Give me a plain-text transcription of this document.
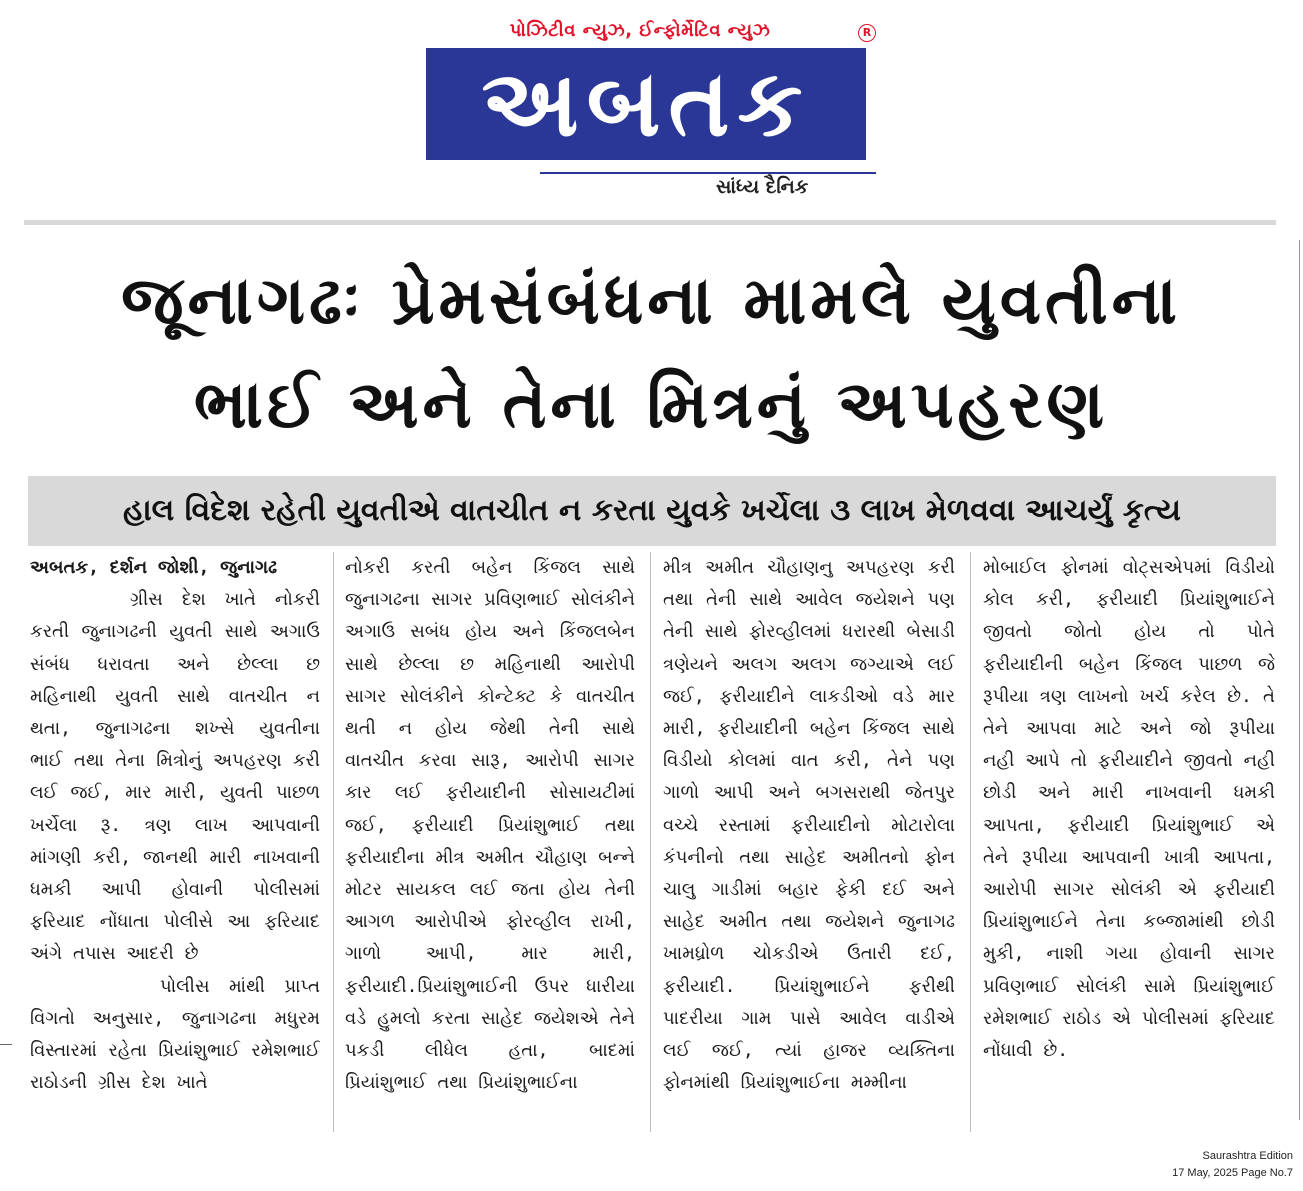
પોઝિટીવ ન્યુઝ, ઈન્ફોર્મેટિવ ન્યુઝ	R
અબતક
સાંધ્ય દૈનિક
જૂનાગઢઃ પ્રેમસંબંધના મામલે યુવતીના
ભાઈ અને તેના મિત્રનું અપહરણ
હાલ વિદેશ રહેતી યુવતીએ વાતચીત ન કરતા યુવકે ખર્ચેલા ૩ લાખ મેળવવા આચર્યું કૃત્ય

અબતક, દર્શન જોશી, જુનાગઢ

ગ્રીસ દેશ ખાતે નોકરી કરતી જુનાગઢની યુવતી સાથે અગાઉ સંબંધ ધરાવતા અને છેલ્લા છ મહિનાથી યુવતી સાથે વાતચીત ન થતા, જુનાગઢના શખ્સે યુવતીના ભાઈ તથા તેના મિત્રોનું અપહરણ કરી લઈ જઈ, માર મારી, યુવતી પાછળ ખર્ચેલા રૂ. ત્રણ લાખ આપવાની માંગણી કરી, જાનથી મારી નાખવાની ધમકી આપી હોવાની પોલીસમાં ફરિયાદ નોંધાતા પોલીસે આ ફરિયાદ અંગે તપાસ આદરી છે

પોલીસ માંથી પ્રાપ્ત વિગતો અનુસાર, જુનાગઢના મધુરમ વિસ્તારમાં રહેતા પ્રિયાંશુભાઈ રમેશભાઈ રાઠોડની ગ્રીસ દેશ ખાતે

નોકરી કરતી બહેન કિંજલ સાથે જુનાગઢના સાગર પ્રવિણભાઈ સોલંકીને અગાઉ સબંધ હોય અને કિંજલબેન સાથે છેલ્લા છ મહિનાથી આરોપી સાગર સોલંકીને કોન્ટેક્ટ કે વાતચીત થતી ન હોય જેથી તેની સાથે વાતચીત કરવા સારૂ, આરોપી સાગર કાર લઈ ફરીયાદીની સોસાયટીમાં જઈ, ફરીયાદી પ્રિયાંશુભાઈ તથા ફરીયાદીના મીત્ર અમીત ચૌહાણ બન્ને મોટર સાયકલ લઈ જતા હોય તેની આગળ આરોપીએ ફોરવ્હીલ રાખી, ગાળો આપી, માર મારી, ફરીયાદી.પ્રિયાંશુભાઈની ઉપર ધારીયા વડે હુમલો કરતા સાહેદ જયેશએ તેને પકડી લીધેલ હતા, બાદમાં પ્રિયાંશુભાઈ તથા પ્રિયાંશુભાઈના

મીત્ર અમીત ચૌહાણનુ અપહરણ કરી તથા તેની સાથે આવેલ જયેશને પણ તેની સાથે ફોરવ્હીલમાં ધરારથી બેસાડી ત્રણેયને અલગ અલગ જગ્યાએ લઈ જઈ, ફરીયાદીને લાકડીઓ વડે માર મારી, ફરીયાદીની બહેન કિંજલ સાથે વિડીયો કોલમાં વાત કરી, તેને પણ ગાળો આપી અને બગસરાથી જેતપુર વચ્ચે રસ્તામાં ફરીયાદીનો મોટારોલા કંપનીનો તથા સાહેદ અમીતનો ફોન ચાલુ ગાડીમાં બહાર ફેકી દઈ અને સાહેદ અમીત તથા જયેશને જુનાગઢ ખામધ્રોળ ચોકડીએ ઉતારી દઈ, ફરીયાદી. પ્રિયાંશુભાઈને ફરીથી પાદરીયા ગામ પાસે આવેલ વાડીએ લઈ જઈ, ત્યાં હાજર વ્યક્તિના ફોનમાંથી પ્રિયાંશુભાઈના મમ્મીના

મોબાઈલ ફોનમાં વોટ્સએપમાં વિડીયો કોલ કરી, ફરીયાદી પ્રિયાંશુભાઈને જીવતો જોતો હોય તો પોતે ફરીયાદીની બહેન કિંજલ પાછળ જે રૂપીયા ત્રણ લાખનો ખર્ચ કરેલ છે. તે તેને આપવા માટે અને જો રૂપીયા નહી આપે તો ફરીયાદીને જીવતો નહી છોડી અને મારી નાખવાની ધમકી આપતા, ફરીયાદી પ્રિયાંશુભાઈ એ તેને રૂપીયા આપવાની ખાત્રી આપતા, આરોપી સાગર સોલંકી એ ફરીયાદી પ્રિયાંશુભાઈને તેના કબ્જામાંથી છોડી મુકી, નાશી ગયા હોવાની સાગર પ્રવિણભાઈ સોલંકી સામે પ્રિયાંશુભાઈ રમેશભાઈ રાઠોડ એ પોલીસમાં ફરિયાદ નોંધાવી છે.

Saurashtra Edition
17 May, 2025 Page No.7
